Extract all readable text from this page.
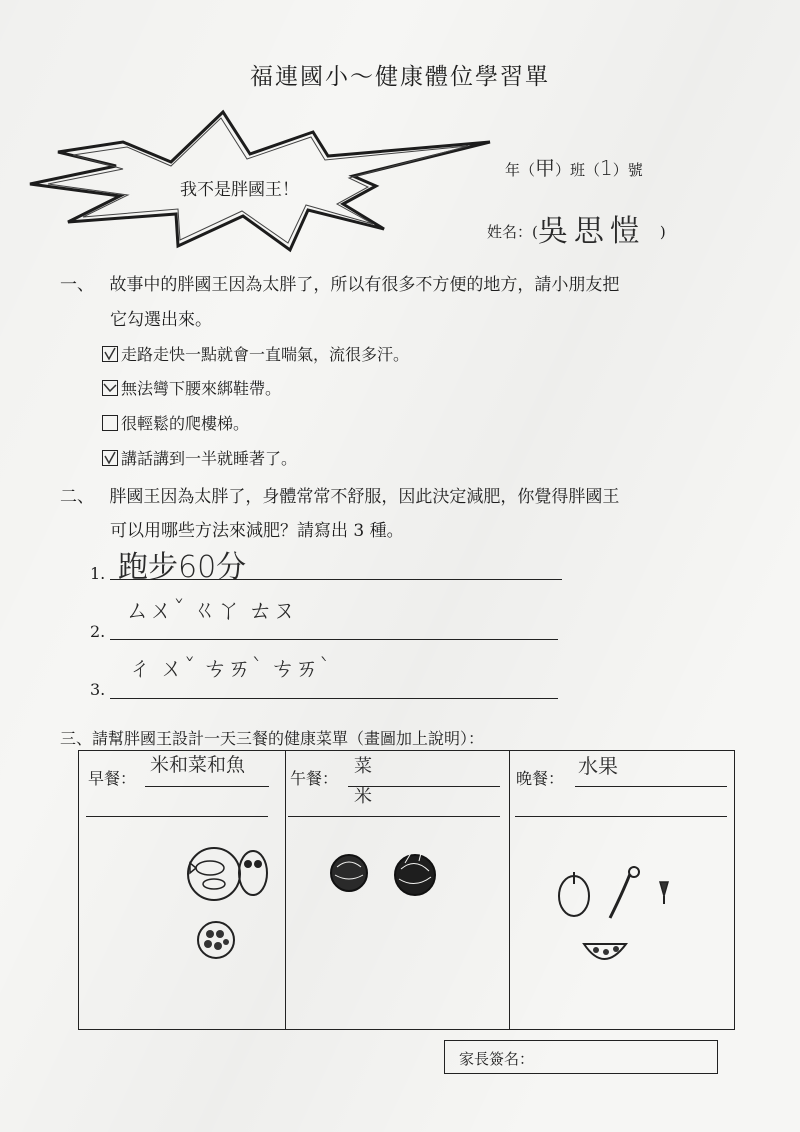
福連國小～健康體位學習單
我不是胖國王！
年（甲）班（1）號
姓名：(吳思愷 )
一、 故事中的胖國王因為太胖了，所以有很多不方便的地方，請小朋友把
它勾選出來。
走路走快一點就會一直喘氣，流很多汗。
無法彎下腰來綁鞋帶。
很輕鬆的爬樓梯。
講話講到一半就睡著了。
二、 胖國王因為太胖了，身體常常不舒服，因此決定減肥，你覺得胖國王
可以用哪些方法來減肥？請寫出 3 種。
1. 跑步60分
2.
ㄙㄨˇ ㄍㄚ ㄊㄡ
3.
ㄔ ㄨˇ ㄘㄞˋ ㄘㄞˋ
三、請幫胖國王設計一天三餐的健康菜單（畫圖加上說明）：
早餐：
米和菜和魚
午餐：
菜 米
晚餐：
水果
家長簽名：
